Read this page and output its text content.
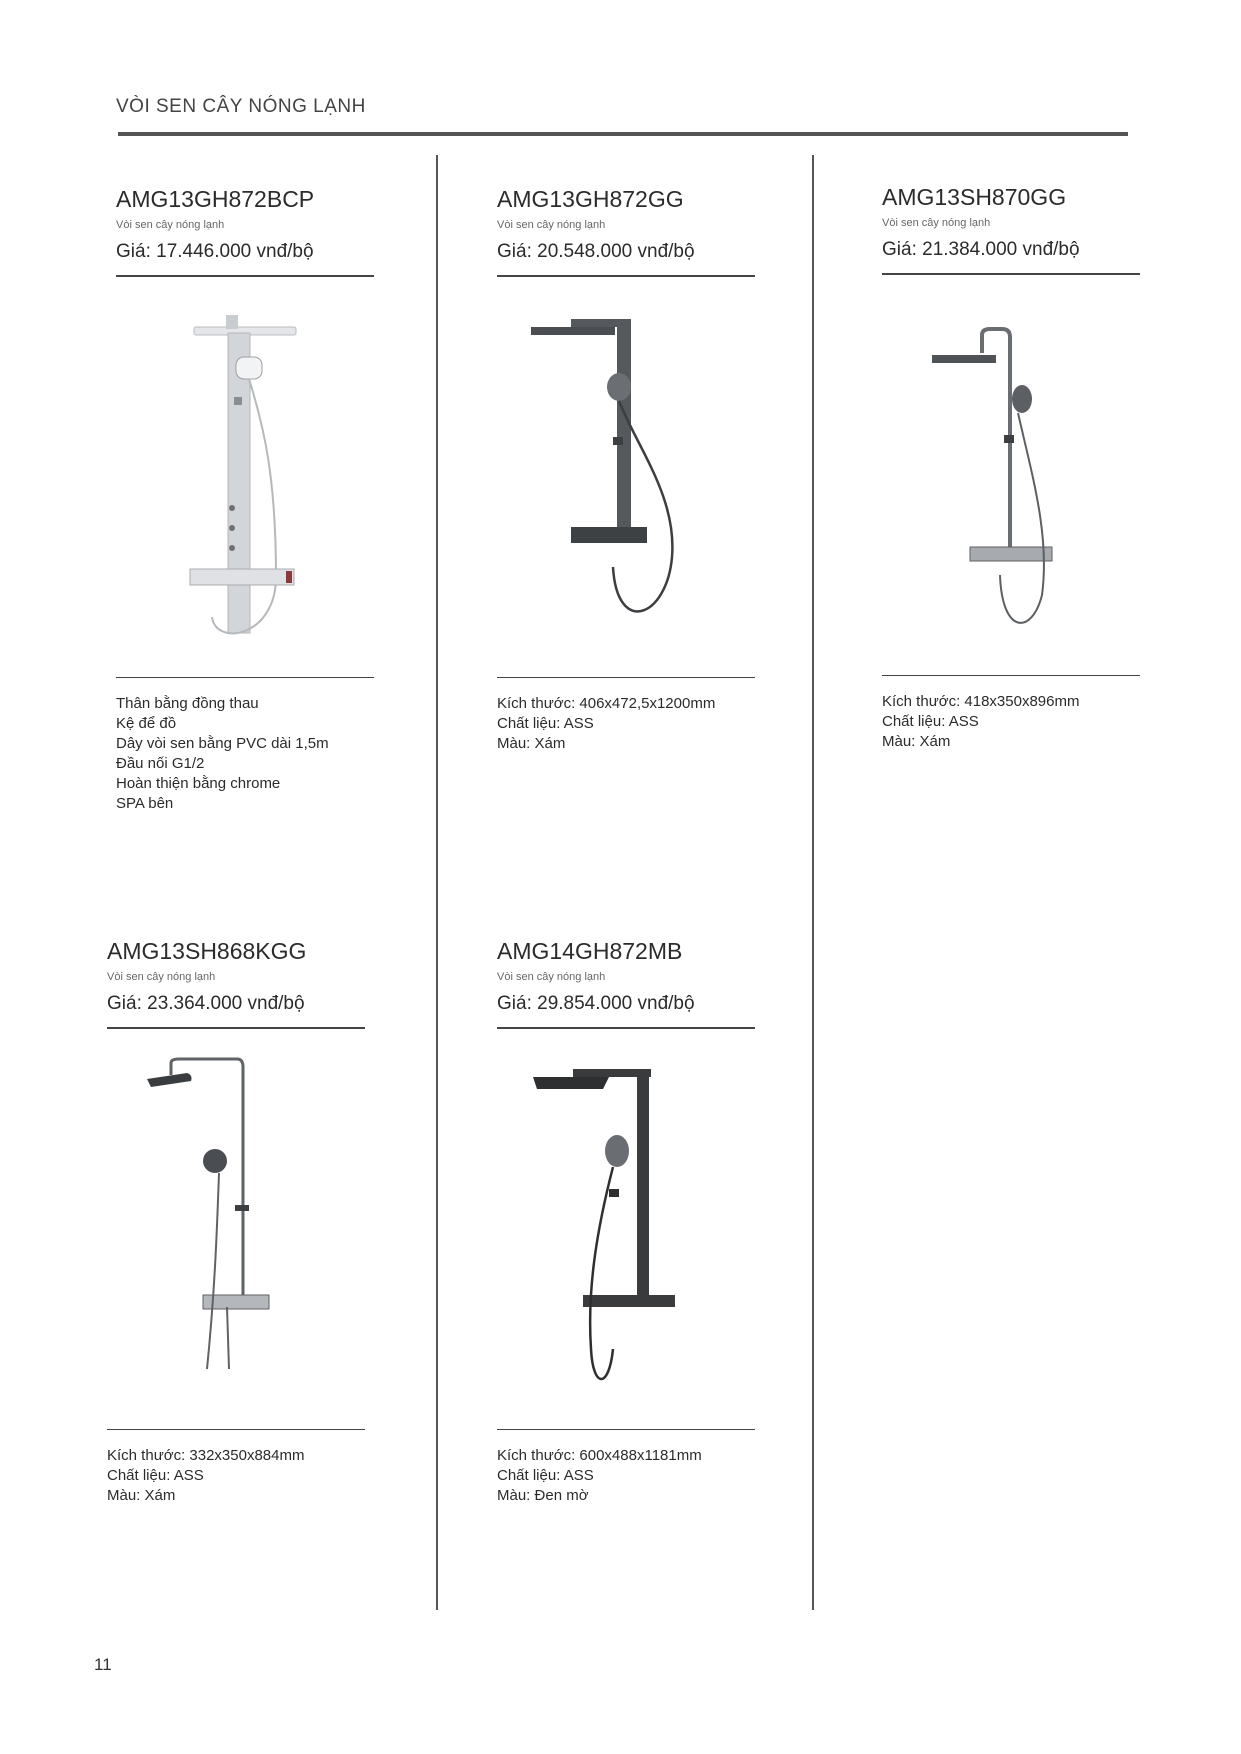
VÒI SEN CÂY NÓNG LẠNH
AMG13GH872BCP
Vòi sen cây nóng lạnh
Giá: 17.446.000 vnđ/bộ
Thân bằng đồng thau
Kệ để đồ
Dây vòi sen bằng PVC dài 1,5m
Đầu nối G1/2
Hoàn thiện bằng chrome
SPA bên
AMG13GH872GG
Vòi sen cây nóng lạnh
Giá: 20.548.000 vnđ/bộ
Kích thước: 406x472,5x1200mm
Chất liệu: ASS
Màu: Xám
AMG13SH870GG
Vòi sen cây nóng lạnh
Giá: 21.384.000 vnđ/bộ
Kích thước: 418x350x896mm
Chất liệu: ASS
Màu: Xám
AMG13SH868KGG
Vòi sen cây nóng lạnh
Giá: 23.364.000 vnđ/bộ
Kích thước: 332x350x884mm
Chất liệu: ASS
Màu: Xám
AMG14GH872MB
Vòi sen cây nóng lạnh
Giá: 29.854.000 vnđ/bộ
Kích thước: 600x488x1181mm
Chất liệu: ASS
Màu: Đen mờ
11
